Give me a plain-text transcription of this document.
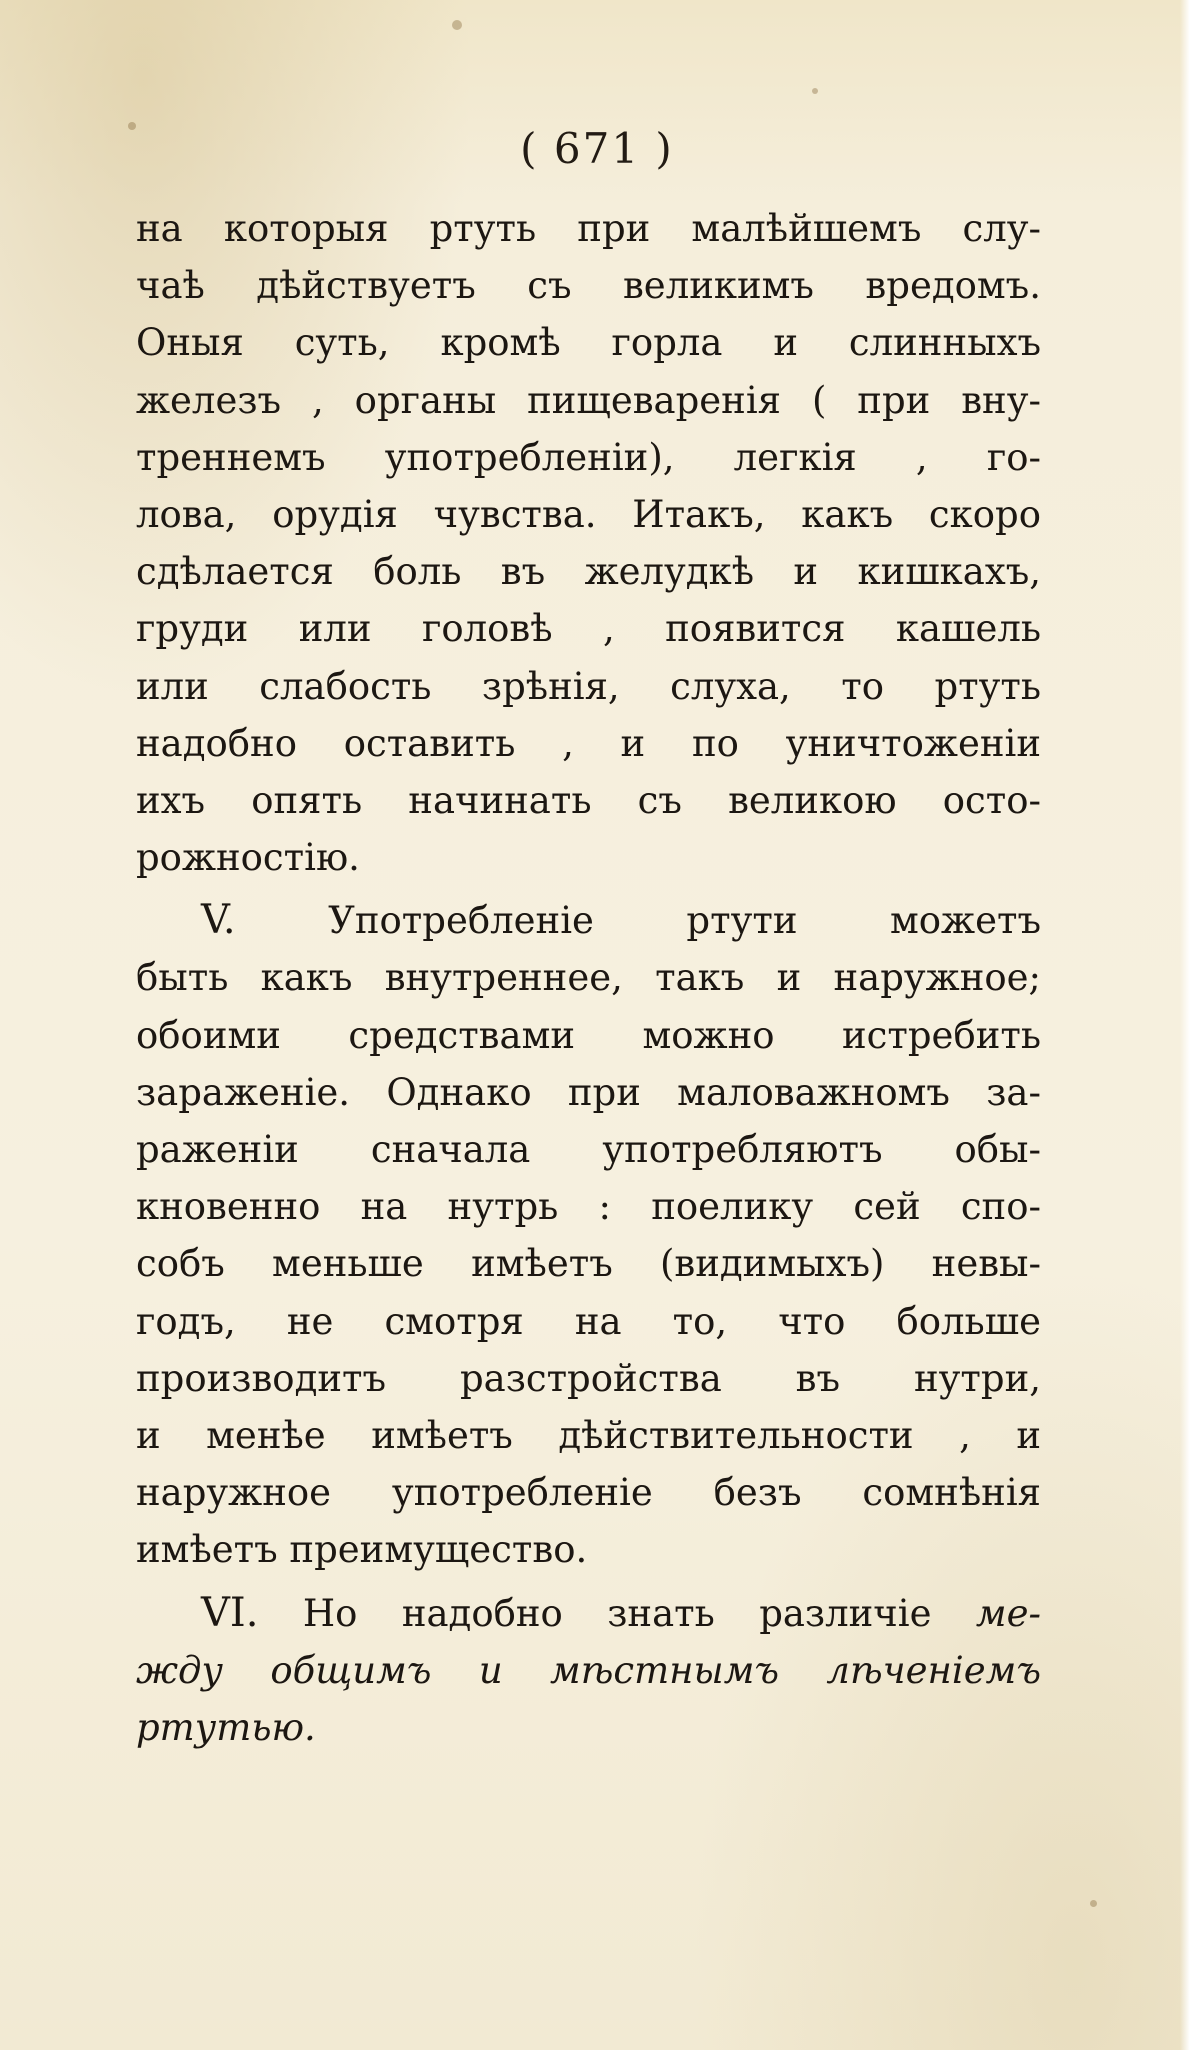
( 671 )
на которыя ртуть при малѣйшемъ слу-
чаѣ дѣйствуетъ съ великимъ вредомъ.
Оныя суть, кромѣ горла и слинныхъ
железъ , органы пищеваренія ( при вну-
треннемъ употребленіи), легкія , го-
лова, орудія чувства. Итакъ, какъ скоро
сдѣлается боль въ желудкѣ и кишкахъ,
груди или головѣ , появится кашель
или слабость зрѣнія, слуха, то ртуть
надобно оставить , и по уничтоженіи
ихъ опять начинать съ великою осто-
рожностію.
V.	Употребленіе ртути можетъ
быть какъ внутреннее, такъ и наружное;
обоими средствами можно истребить
зараженіе. Однако при маловажномъ за-
раженіи сначала употребляютъ обы-
кновенно на нутрь : поелику сей спо-
собъ меньше имѣетъ (видимыхъ) невы-
годъ, не смотря на то, что больше
производитъ разстройства въ нутри,
и менѣе имѣетъ дѣйствительности , и
наружное употребленіе безъ сомнѣнія
имѣетъ преимущество.
VI. Но надобно знать различіе ме-
жду общимъ и мѣстнымъ лѣченіемъ
ртутью.
